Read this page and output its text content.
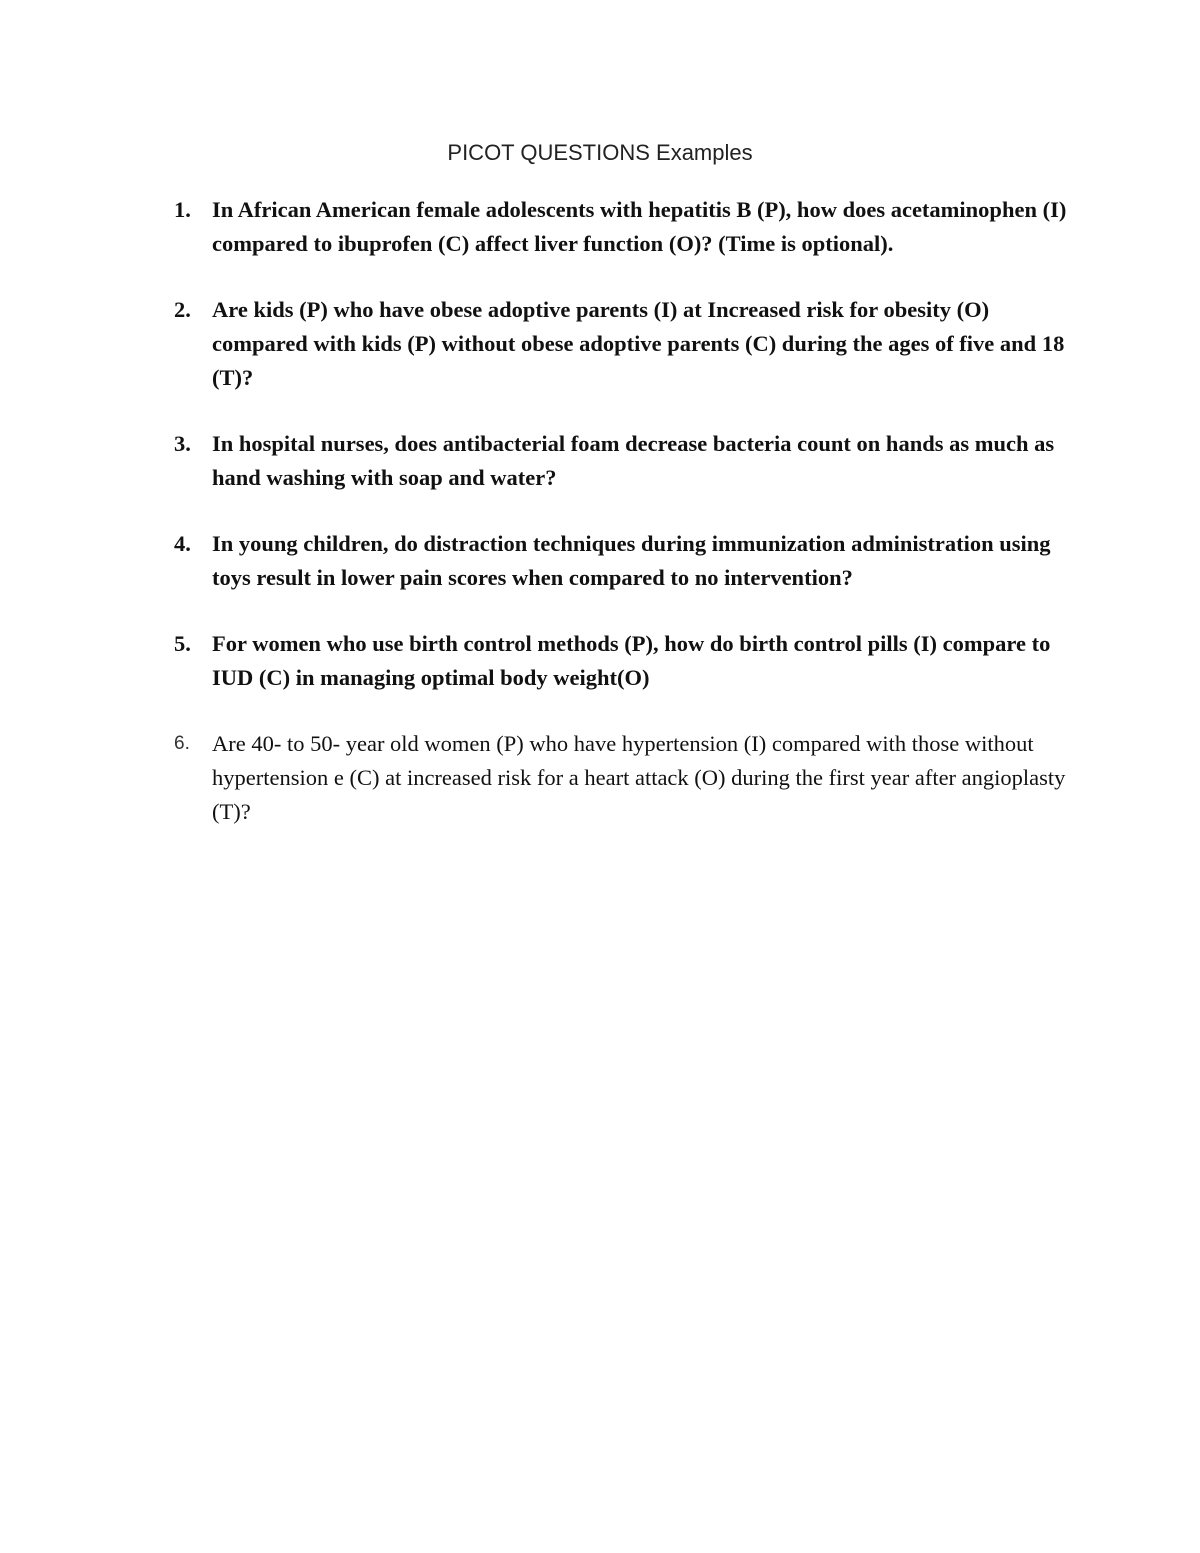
PICOT QUESTIONS Examples
1. In African American female adolescents with hepatitis B (P), how does acetaminophen (I) compared to ibuprofen (C) affect liver function (O)? (Time is optional).
2. Are kids (P) who have obese adoptive parents (I) at Increased risk for obesity (O) compared with kids (P) without obese adoptive parents (C) during the ages of five and 18 (T)?
3. In hospital nurses, does antibacterial foam decrease bacteria count on hands as much as hand washing with soap and water?
4. In young children, do distraction techniques during immunization administration using toys result in lower pain scores when compared to no intervention?
5. For women who use birth control methods (P), how do birth control pills (I) compare to IUD (C) in managing optimal body weight(O)
6. Are 40- to 50- year old women (P) who have hypertension (I) compared with those without hypertension e (C) at increased risk for a heart attack (O) during the first year after angioplasty (T)?
